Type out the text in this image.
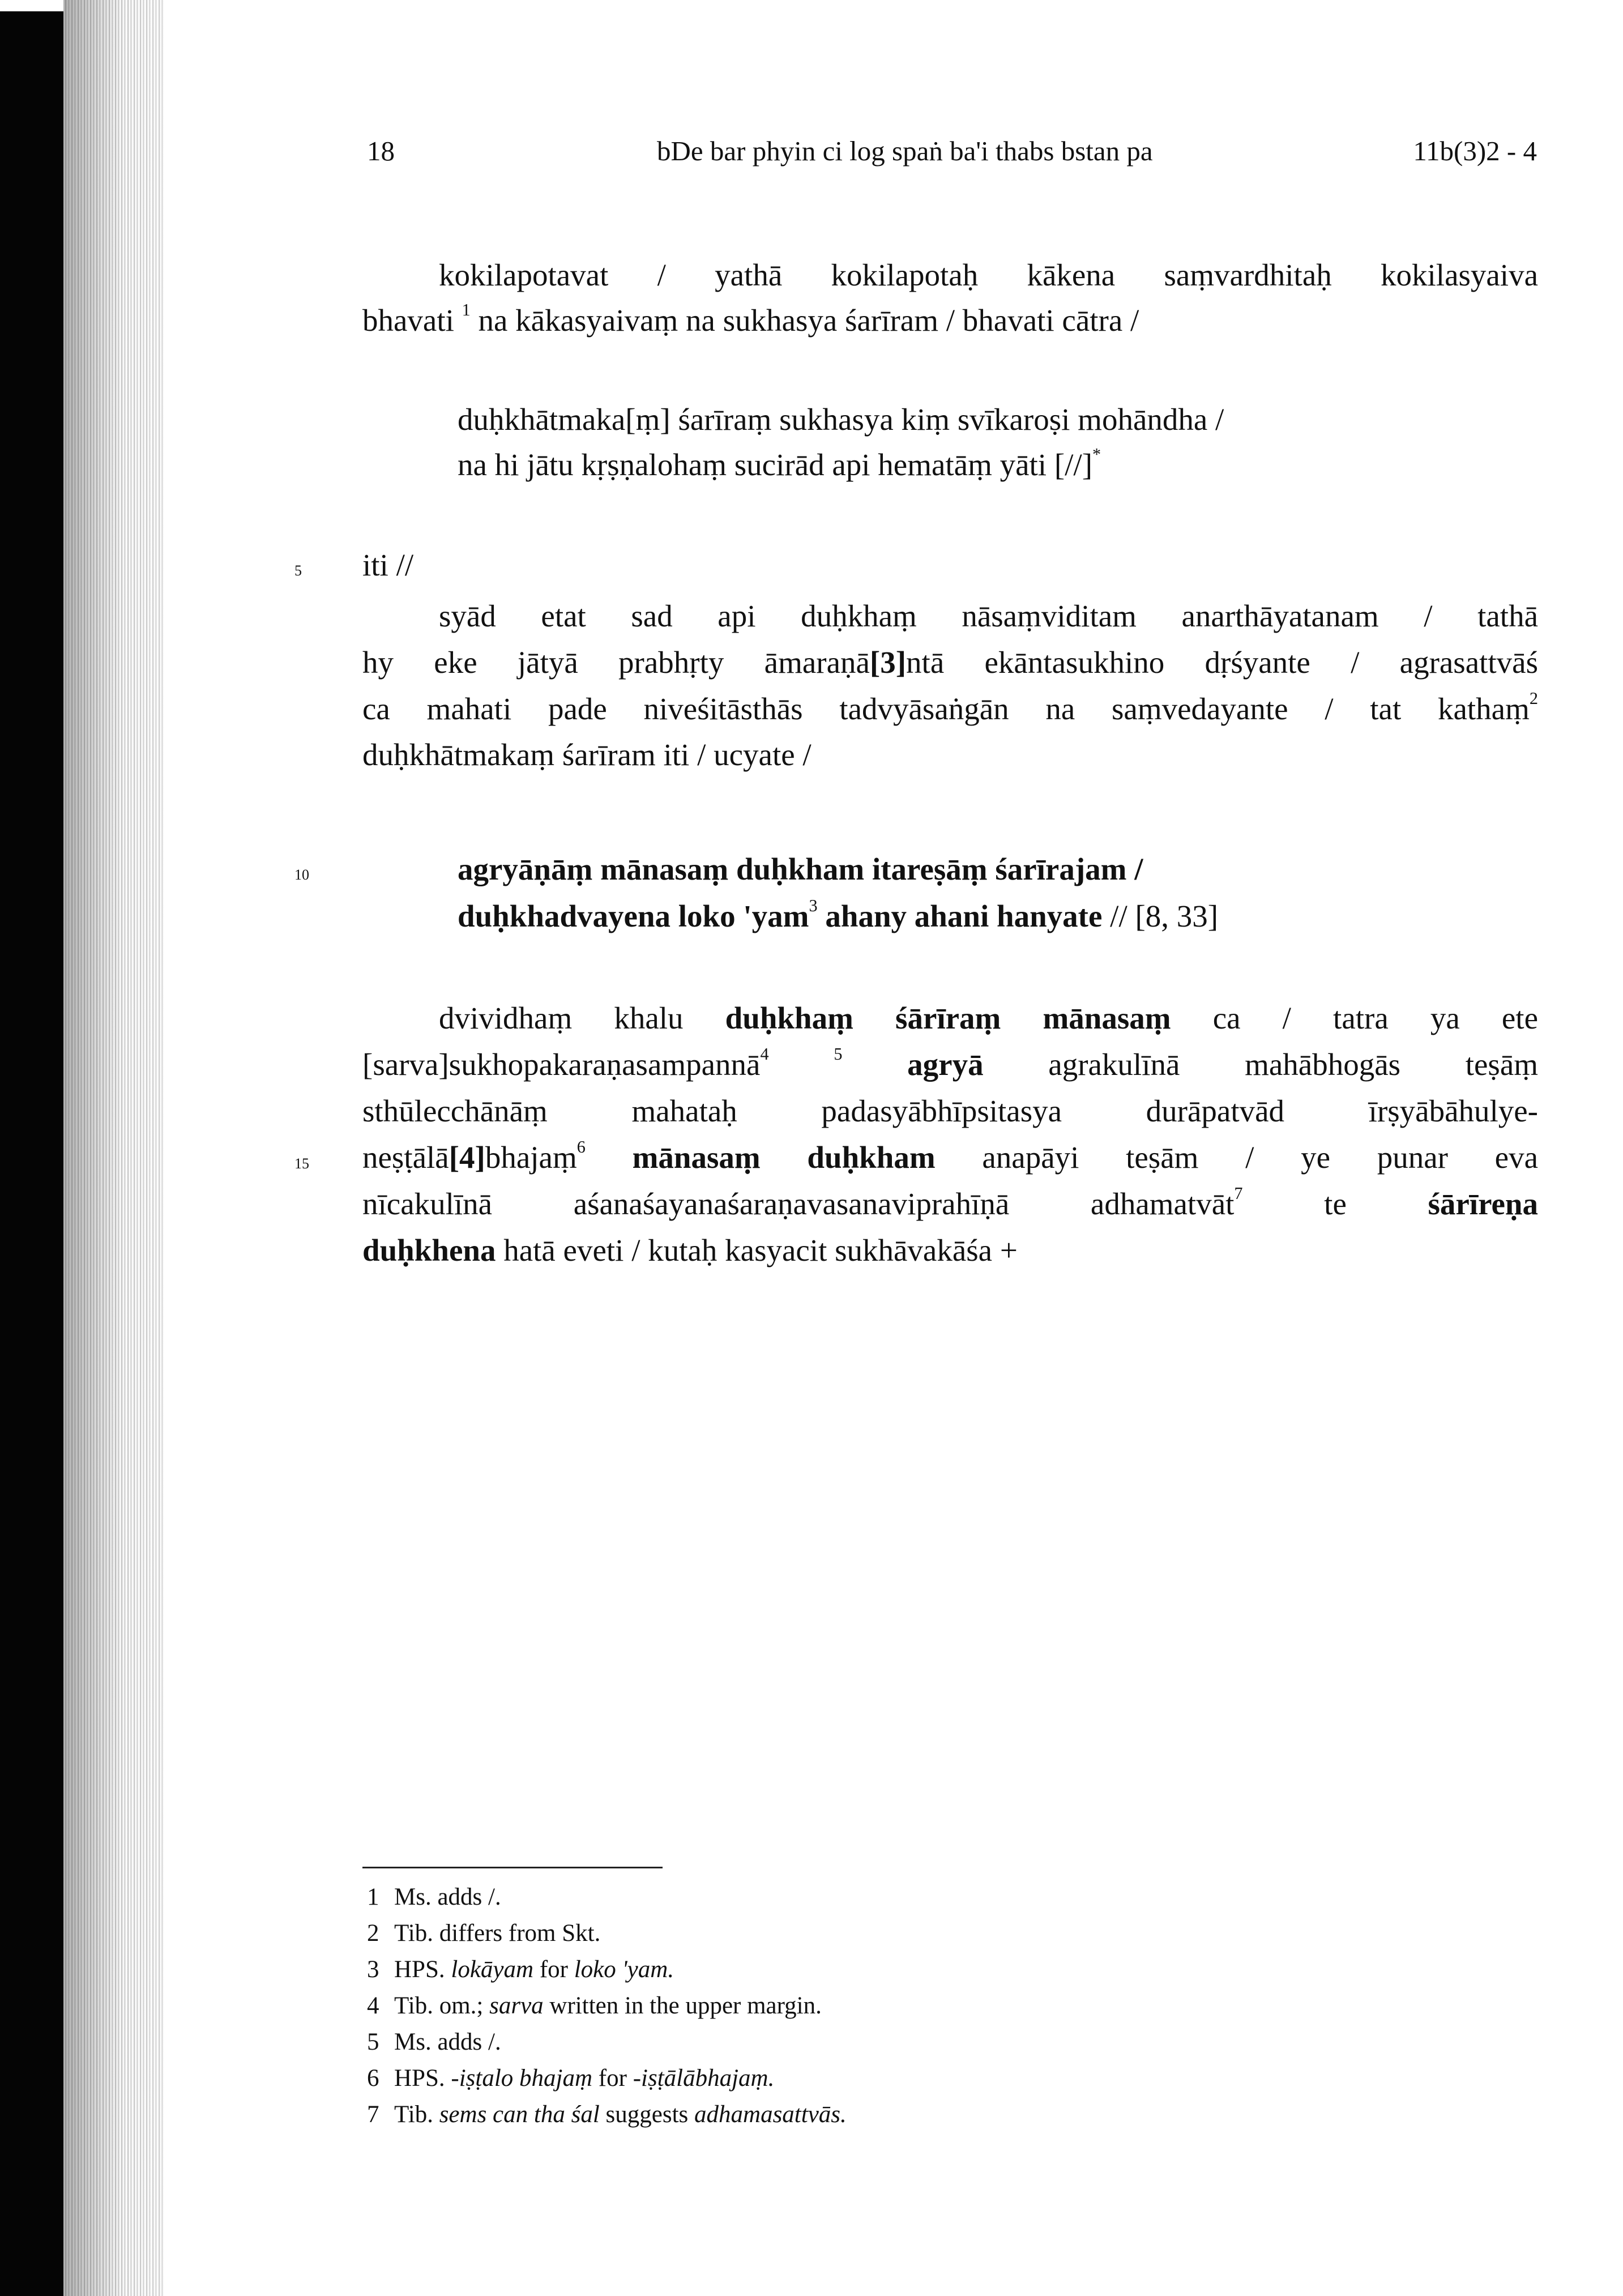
18	bDe bar phyin ci log spaṅ ba'i thabs bstan pa	11b(3)2 - 4
kokilapotavat / yathā kokilapotaḥ kākena saṃvardhitaḥ kokilasyaiva
bhavati $^1$ na kākasyaivaṃ na sukhasya śarīram / bhavati cātra /
duḥkhātmaka[ṃ] śarīraṃ sukhasya kiṃ svīkaroṣi mohāndha /
na hi jātu kṛṣṇalohaṃ sucirād api hematāṃ yāti [//]*
5 iti //
syād etat sad api duḥkhaṃ nāsaṃviditam anarthāyatanam / tathā
hy eke jātyā prabhṛty āmaraṇā[3]ntā ekāntasukhino dṛśyante / agrasattvāś
ca mahati pade niveśitāsthās tadvyāsaṅgān na saṃvedayante / tat kathaṃ$^2$
duḥkhātmakaṃ śarīram iti / ucyate /
10	agryāṇāṃ mānasaṃ duḥkham itareṣāṃ śarīrajam /
duḥkhadvayena loko 'yam$^3$ ahany ahani hanyate // [8, 33]
dvividhaṃ khalu duḥkhaṃ śārīraṃ mānasaṃ ca / tatra ya ete
[sarva]sukhopakaraṇasampannā$^4$	$^5$ agryā agrakulīnā mahābhogās teṣāṃ
sthūlecchānāṃ mahataḥ padasyābhīpsitasya durāpatvād īrṣyābāhulye-
15 neṣṭālā[4]bhajaṃ$^6$ mānasaṃ duḥkham anapāyi teṣām / ye punar eva
nīcakulīnā aśanaśayanaśaraṇavasanaviprahīṇā adhamatvāt$^7$ te śārīreṇa
duḥkhena hatā eveti / kutaḥ kasyacit sukhāvakāśa +
1 Ms. adds /.
2 Tib. differs from Skt.
3 HPS. lokāyam for loko 'yam.
4 Tib. om.; sarva written in the upper margin.
5 Ms. adds /.
6 HPS. -iṣṭalo bhajaṃ for -iṣṭālābhajaṃ.
7 Tib. sems can tha śal suggests adhamasattvās.
